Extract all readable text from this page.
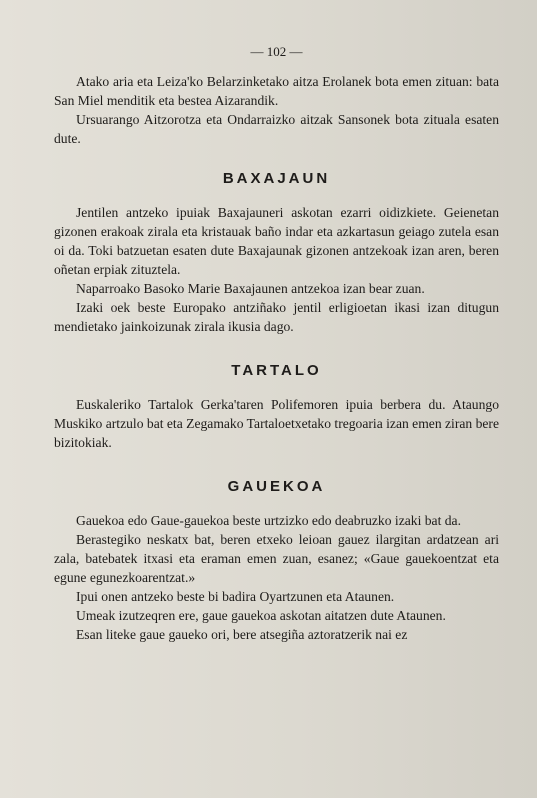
— 102 —

Atako aria eta Leiza'ko Belarzinketako aitza Erolanek bota emen zituan: bata San Miel menditik eta bestea Aizarandik.

Ursuarango Aitzorotza eta Ondarraizko aitzak Sansonek bota zituala esaten dute.

BAXAJAUN

Jentilen antzeko ipuiak Baxajauneri askotan ezarri oidizkiete. Geienetan gizonen erakoak zirala eta kristauak baño indar eta azkartasun geiago zutela esan oi da. Toki batzuetan esaten dute Baxajaunak gizonen antzekoak izan aren, beren oñetan erpiak zituztela.

Naparroako Basoko Marie Baxajaunen antzekoa izan bear zuan.

Izaki oek beste Europako antziñako jentil erligioetan ikasi izan ditugun mendietako jainkoizunak zirala ikusia dago.

TARTALO

Euskaleriko Tartalok Gerka'taren Polifemoren ipuia berbera du. Ataungo Muskiko artzulo bat eta Zegamako Tartaloetxetako tregoaria izan emen ziran bere bizitokiak.

GAUEKOA

Gauekoa edo Gaue-gauekoa beste urtzizko edo deabruzko izaki bat da.

Berastegiko neskatx bat, beren etxeko leioan gauez ilargitan ardatzean ari zala, batebatek itxasi eta eraman emen zuan, esanez; «Gaue gauekoentzat eta egune egunezkoarentzat.»

Ipui onen antzeko beste bi badira Oyartzunen eta Ataunen.

Umeak izutzeqren ere, gaue gauekoa askotan aitatzen dute Ataunen.

Esan liteke gaue gaueko ori, bere atsegiña aztoratzerik nai ez
